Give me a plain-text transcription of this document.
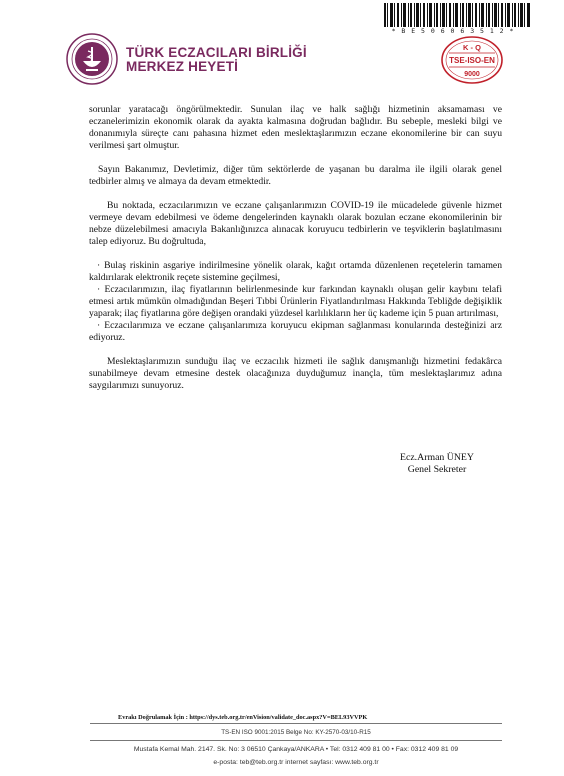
TÜRK ECZACILARI BİRLİĞİ
MERKEZ HEYETİ
* B E 5 0 6 0 6 3 5 1 2 *
K - Q
TSE-ISO-EN
9000

sorunlar yaratacağı öngörülmektedir. Sunulan ilaç ve halk sağlığı hizmetinin aksamaması ve eczanelerimizin ekonomik olarak da ayakta kalmasına doğrudan bağlıdır. Bu sebeple, mesleki bilgi ve donanımıyla süreçte canı pahasına hizmet eden meslektaşlarımızın eczane ekonomilerine bir can suyu verilmesi şart olmuştur.

Sayın Bakanımız, Devletimiz, diğer tüm sektörlerde de yaşanan bu daralma ile ilgili olarak genel tedbirler almış ve almaya da devam etmektedir.

Bu noktada, eczacılarımızın ve eczane çalışanlarımızın COVID-19 ile mücadelede güvenle hizmet vermeye devam edebilmesi ve ödeme dengelerinden kaynaklı olarak bozulan eczane ekonomilerinin bir nebze düzelebilmesi amacıyla Bakanlığınızca alınacak koruyucu tedbirlerin ve teşviklerin başlatılmasını talep ediyoruz. Bu doğrultuda,

· Bulaş riskinin asgariye indirilmesine yönelik olarak, kağıt ortamda düzenlenen reçetelerin tamamen kaldırılarak elektronik reçete sistemine geçilmesi,

· Eczacılarımızın, ilaç fiyatlarının belirlenmesinde kur farkından kaynaklı oluşan gelir kaybını telafi etmesi artık mümkün olmadığından Beşeri Tıbbi Ürünlerin Fiyatlandırılması Hakkında Tebliğde değişiklik yaparak; ilaç fiyatlarına göre değişen orandaki yüzdesel karlılıkların her üç kademe için 5 puan artırılması,

· Eczacılarımıza ve eczane çalışanlarımıza koruyucu ekipman sağlanması konularında desteğinizi arz ediyoruz.

Meslektaşlarımızın sunduğu ilaç ve eczacılık hizmeti ile sağlık danışmanlığı hizmetini fedakârca sunabilmeye devam etmesine destek olacağınıza duyduğumuz inançla, tüm meslektaşlarımız adına saygılarımızı sunuyoruz.

Ecz.Arman ÜNEY
Genel Sekreter
Evrakı Doğrulamak İçin : https://dys.teb.org.tr/enVision/validate_doc.aspx?V=BEL93VVPK
TS-EN ISO 9001:2015 Belge No: KY-2570-03/10-R15
Mustafa Kemal Mah. 2147. Sk. No: 3 06510 Çankaya/ANKARA • Tel: 0312 409 81 00 • Fax: 0312 409 81 09
e-posta: teb@teb.org.tr internet sayfası: www.teb.org.tr
